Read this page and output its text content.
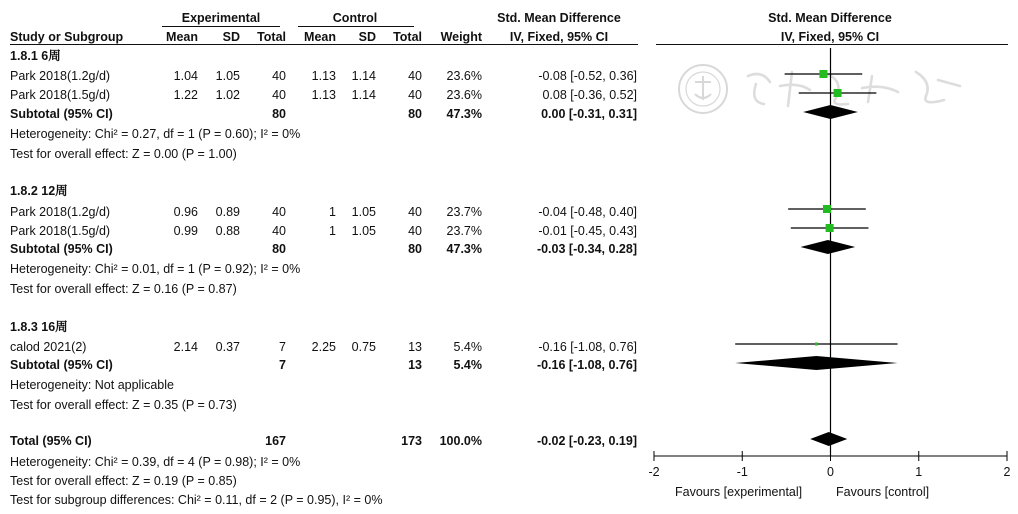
Experimental	Control	Std. Mean Difference	Std. Mean Difference
Study or Subgroup	Mean	SD	Total	Mean	SD	Total	Weight	IV, Fixed, 95% CI	IV, Fixed, 95% CI
1.8.1 6周
Park 2018(1.2g/d)	1.04	1.05	40	1.13	1.14	40	23.6%	-0.08 [-0.52, 0.36]
Park 2018(1.5g/d)	1.22	1.02	40	1.13	1.14	40	23.6%	0.08 [-0.36, 0.52]
Subtotal (95% CI)	80	80	47.3%	0.00 [-0.31, 0.31]
Heterogeneity: Chi² = 0.27, df = 1 (P = 0.60); I² = 0%
Test for overall effect: Z = 0.00 (P = 1.00)
1.8.2 12周
Park 2018(1.2g/d)	0.96	0.89	40	1	1.05	40	23.7%	-0.04 [-0.48, 0.40]
Park 2018(1.5g/d)	0.99	0.88	40	1	1.05	40	23.7%	-0.01 [-0.45, 0.43]
Subtotal (95% CI)	80	80	47.3%	-0.03 [-0.34, 0.28]
Heterogeneity: Chi² = 0.01, df = 1 (P = 0.92); I² = 0%
Test for overall effect: Z = 0.16 (P = 0.87)
1.8.3 16周
calod 2021(2)	2.14	0.37	7	2.25	0.75	13	5.4%	-0.16 [-1.08, 0.76]
Subtotal (95% CI)	7	13	5.4%	-0.16 [-1.08, 0.76]
Heterogeneity: Not applicable
Test for overall effect: Z = 0.35 (P = 0.73)
Total (95% CI)	167	173	100.0%	-0.02 [-0.23, 0.19]
Heterogeneity: Chi² = 0.39, df = 4 (P = 0.98); I² = 0%
Test for overall effect: Z = 0.19 (P = 0.85)
Test for subgroup differences: Chi² = 0.11, df = 2 (P = 0.95), I² = 0%
-2	-1	0	1	2
Favours [experimental]	Favours [control]
